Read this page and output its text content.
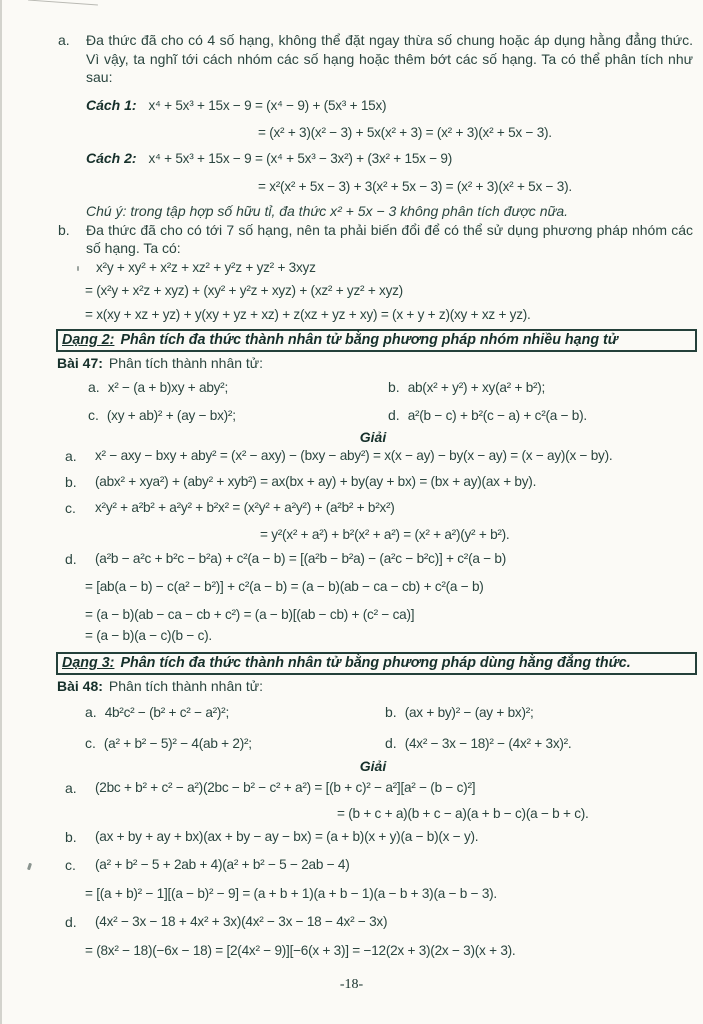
a.	Đa thức đã cho có 4 số hạng, không thể đặt ngay thừa số chung hoặc áp dụng hằng đẳng thức. Vì vậy, ta nghĩ tới cách nhóm các số hạng hoặc thêm bớt các số hạng. Ta có thể phân tích như sau:
Cách 1: x⁴ + 5x³ + 15x − 9 = (x⁴ − 9) + (5x³ + 15x)
= (x² + 3)(x² − 3) + 5x(x² + 3) = (x² + 3)(x² + 5x − 3).
Cách 2: x⁴ + 5x³ + 15x − 9 = (x⁴ + 5x³ − 3x²) + (3x² + 15x − 9)
= x²(x² + 5x − 3) + 3(x² + 5x − 3) = (x² + 3)(x² + 5x − 3).
Chú ý: trong tập hợp số hữu tỉ, đa thức x² + 5x − 3 không phân tích được nữa.
b.	Đa thức đã cho có tới 7 số hạng, nên ta phải biến đổi để có thể sử dụng phương pháp nhóm các số hạng. Ta có:
x²y + xy² + x²z + xz² + y²z + yz² + 3xyz
= (x²y + x²z + xyz) + (xy² + y²z + xyz) + (xz² + yz² + xyz)
= x(xy + xz + yz) + y(xy + yz + xz) + z(xz + yz + xy) = (x + y + z)(xy + xz + yz).
Dạng 2: Phân tích đa thức thành nhân tử bằng phương pháp nhóm nhiều hạng tử
Bài 47: Phân tích thành nhân tử:
a. x² − (a + b)xy + aby²;	b. ab(x² + y²) + xy(a² + b²);
c. (xy + ab)² + (ay − bx)²;	d. a²(b − c) + b²(c − a) + c²(a − b).
Giải
a.	x² − axy − bxy + aby² = (x² − axy) − (bxy − aby²) = x(x − ay) − by(x − ay) = (x − ay)(x − by).
b.	(abx² + xya²) + (aby² + xyb²) = ax(bx + ay) + by(ay + bx) = (bx + ay)(ax + by).
c.	x²y² + a²b² + a²y² + b²x² = (x²y² + a²y²) + (a²b² + b²x²)
= y²(x² + a²) + b²(x² + a²) = (x² + a²)(y² + b²).
d.	(a²b − a²c + b²c − b²a) + c²(a − b) = [(a²b − b²a) − (a²c − b²c)] + c²(a − b)
= [ab(a − b) − c(a² − b²)] + c²(a − b) = (a − b)(ab − ca − cb) + c²(a − b)
= (a − b)(ab − ca − cb + c²) = (a − b)[(ab − cb) + (c² − ca)]
= (a − b)(a − c)(b − c).
Dạng 3: Phân tích đa thức thành nhân tử bằng phương pháp dùng hằng đẳng thức.
Bài 48: Phân tích thành nhân tử:
a. 4b²c² − (b² + c² − a²)²;	b. (ax + by)² − (ay + bx)²;
c. (a² + b² − 5)² − 4(ab + 2)²;	d. (4x² − 3x − 18)² − (4x² + 3x)².
Giải
a.	(2bc + b² + c² − a²)(2bc − b² − c² + a²) = [(b + c)² − a²][a² − (b − c)²]
= (b + c + a)(b + c − a)(a + b − c)(a − b + c).
b.	(ax + by + ay + bx)(ax + by − ay − bx) = (a + b)(x + y)(a − b)(x − y).
c.	(a² + b² − 5 + 2ab + 4)(a² + b² − 5 − 2ab − 4)
= [(a + b)² − 1][(a − b)² − 9] = (a + b + 1)(a + b − 1)(a − b + 3)(a − b − 3).
d.	(4x² − 3x − 18 + 4x² + 3x)(4x² − 3x − 18 − 4x² − 3x)
= (8x² − 18)(−6x − 18) = [2(4x² − 9)][−6(x + 3)] = −12(2x + 3)(2x − 3)(x + 3).
-18-
